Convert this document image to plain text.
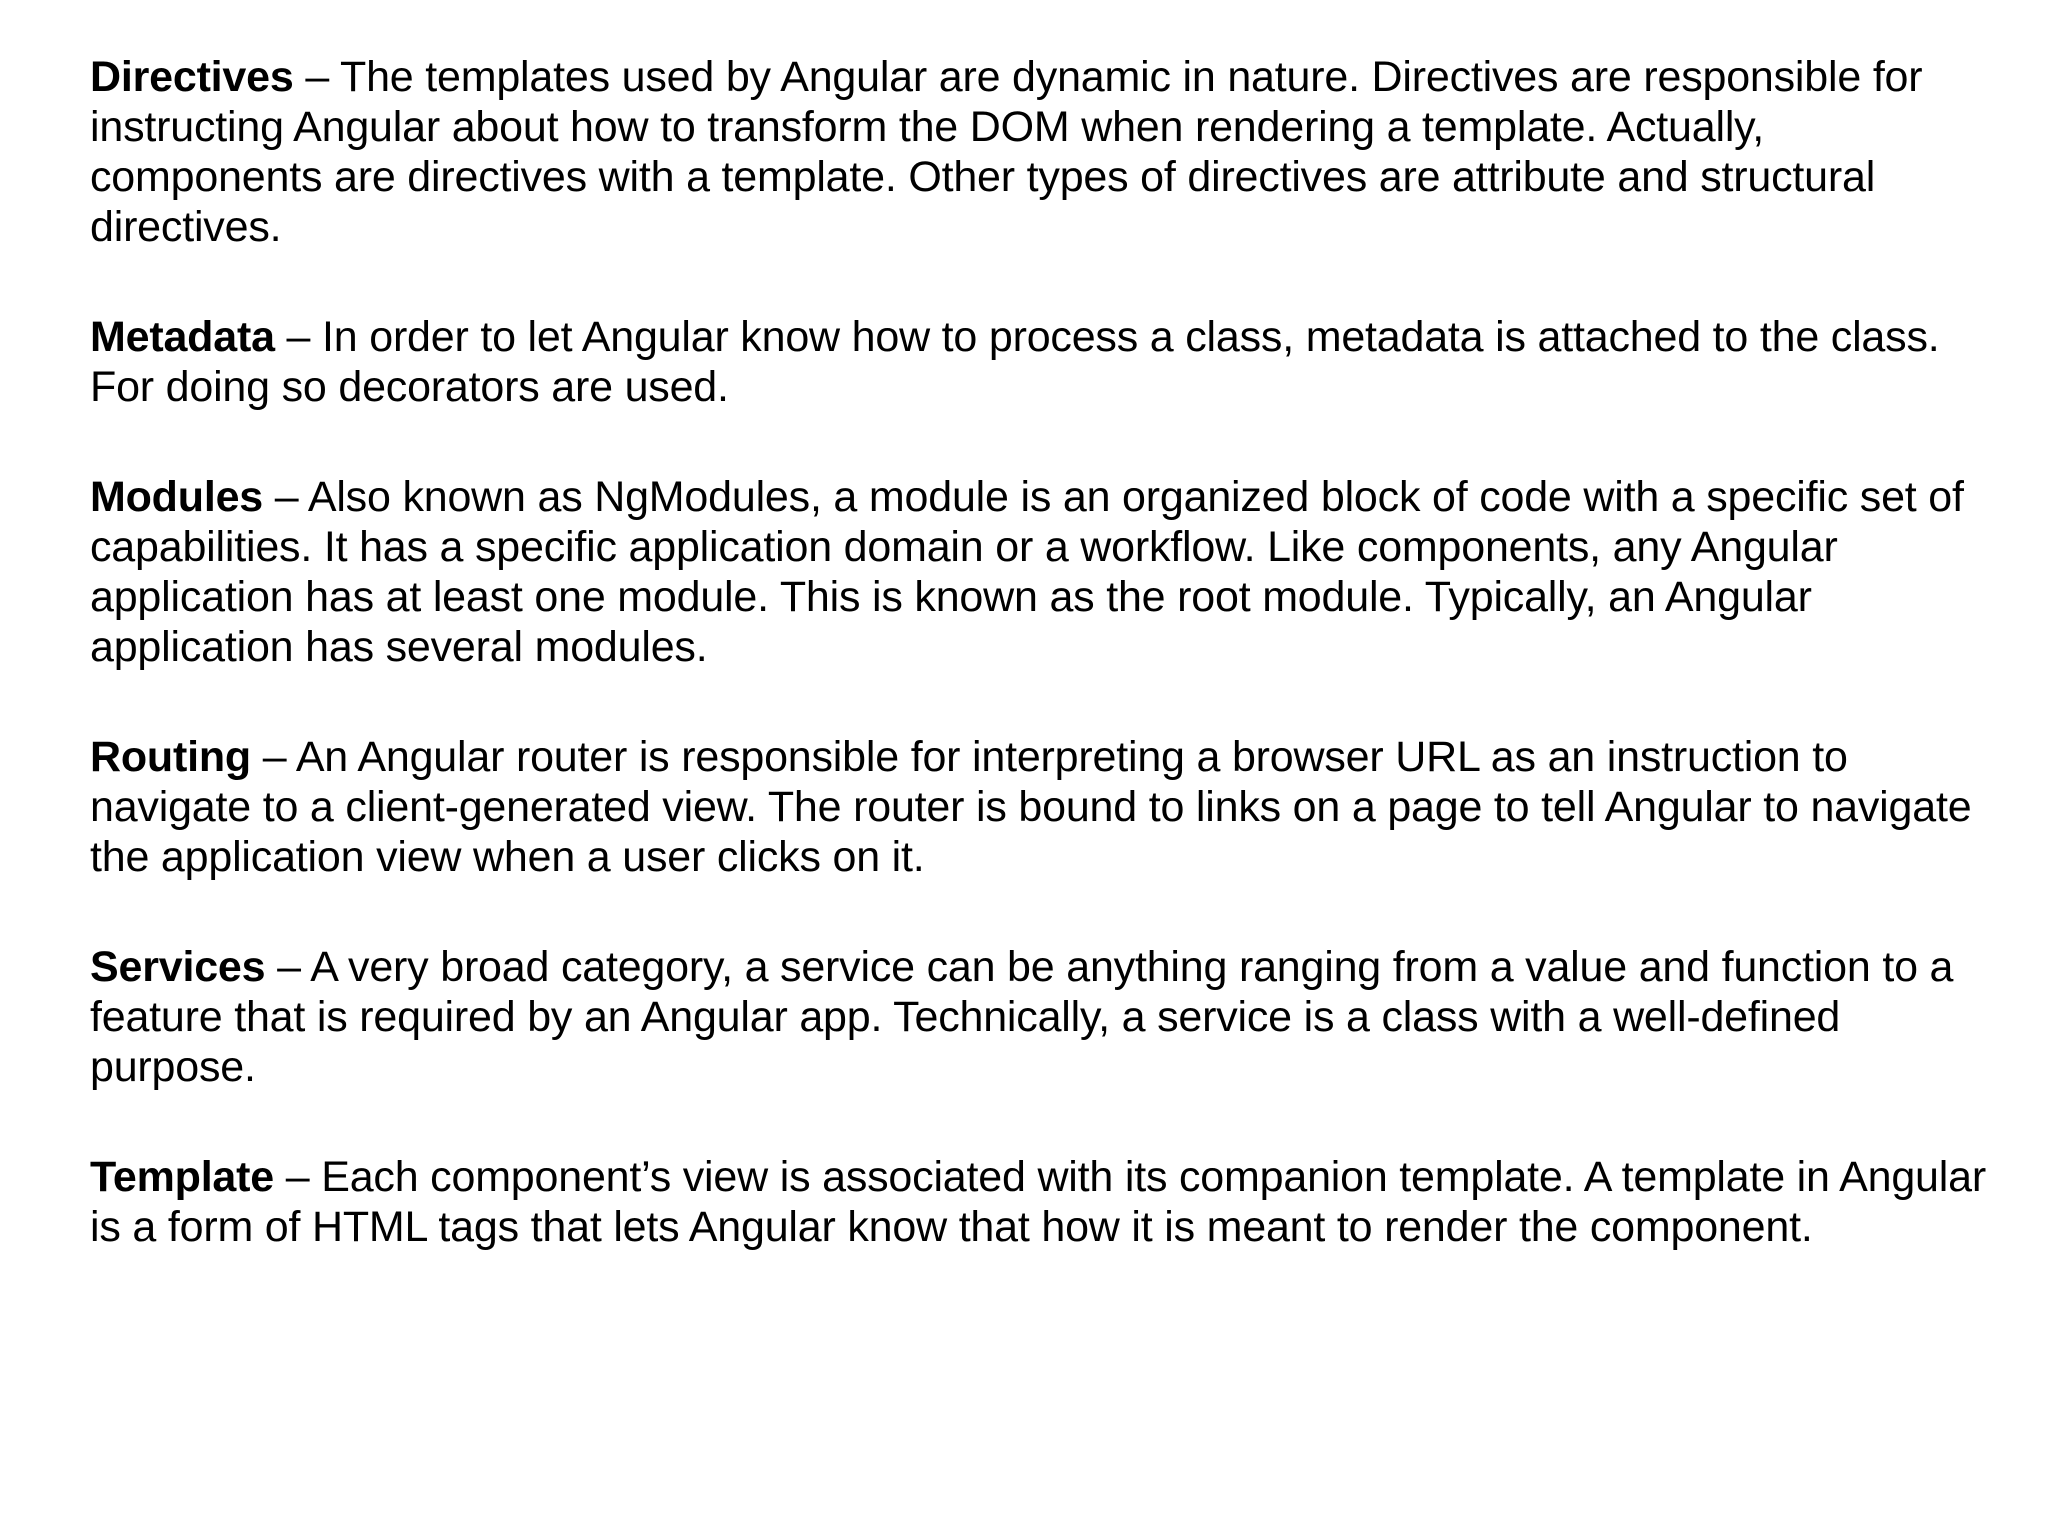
Directives – The templates used by Angular are dynamic in nature. Directives are responsible for instructing Angular about how to transform the DOM when rendering a template. Actually, components are directives with a template. Other types of directives are attribute and structural directives.

Metadata – In order to let Angular know how to process a class, metadata is attached to the class. For doing so decorators are used.

Modules – Also known as NgModules, a module is an organized block of code with a specific set of capabilities. It has a specific application domain or a workflow. Like components, any Angular application has at least one module. This is known as the root module. Typically, an Angular application has several modules.

Routing – An Angular router is responsible for interpreting a browser URL as an instruction to navigate to a client-generated view. The router is bound to links on a page to tell Angular to navigate the application view when a user clicks on it.

Services – A very broad category, a service can be anything ranging from a value and function to a feature that is required by an Angular app. Technically, a service is a class with a well-defined purpose.

Template – Each component’s view is associated with its companion template. A template in Angular is a form of HTML tags that lets Angular know that how it is meant to render the component.
